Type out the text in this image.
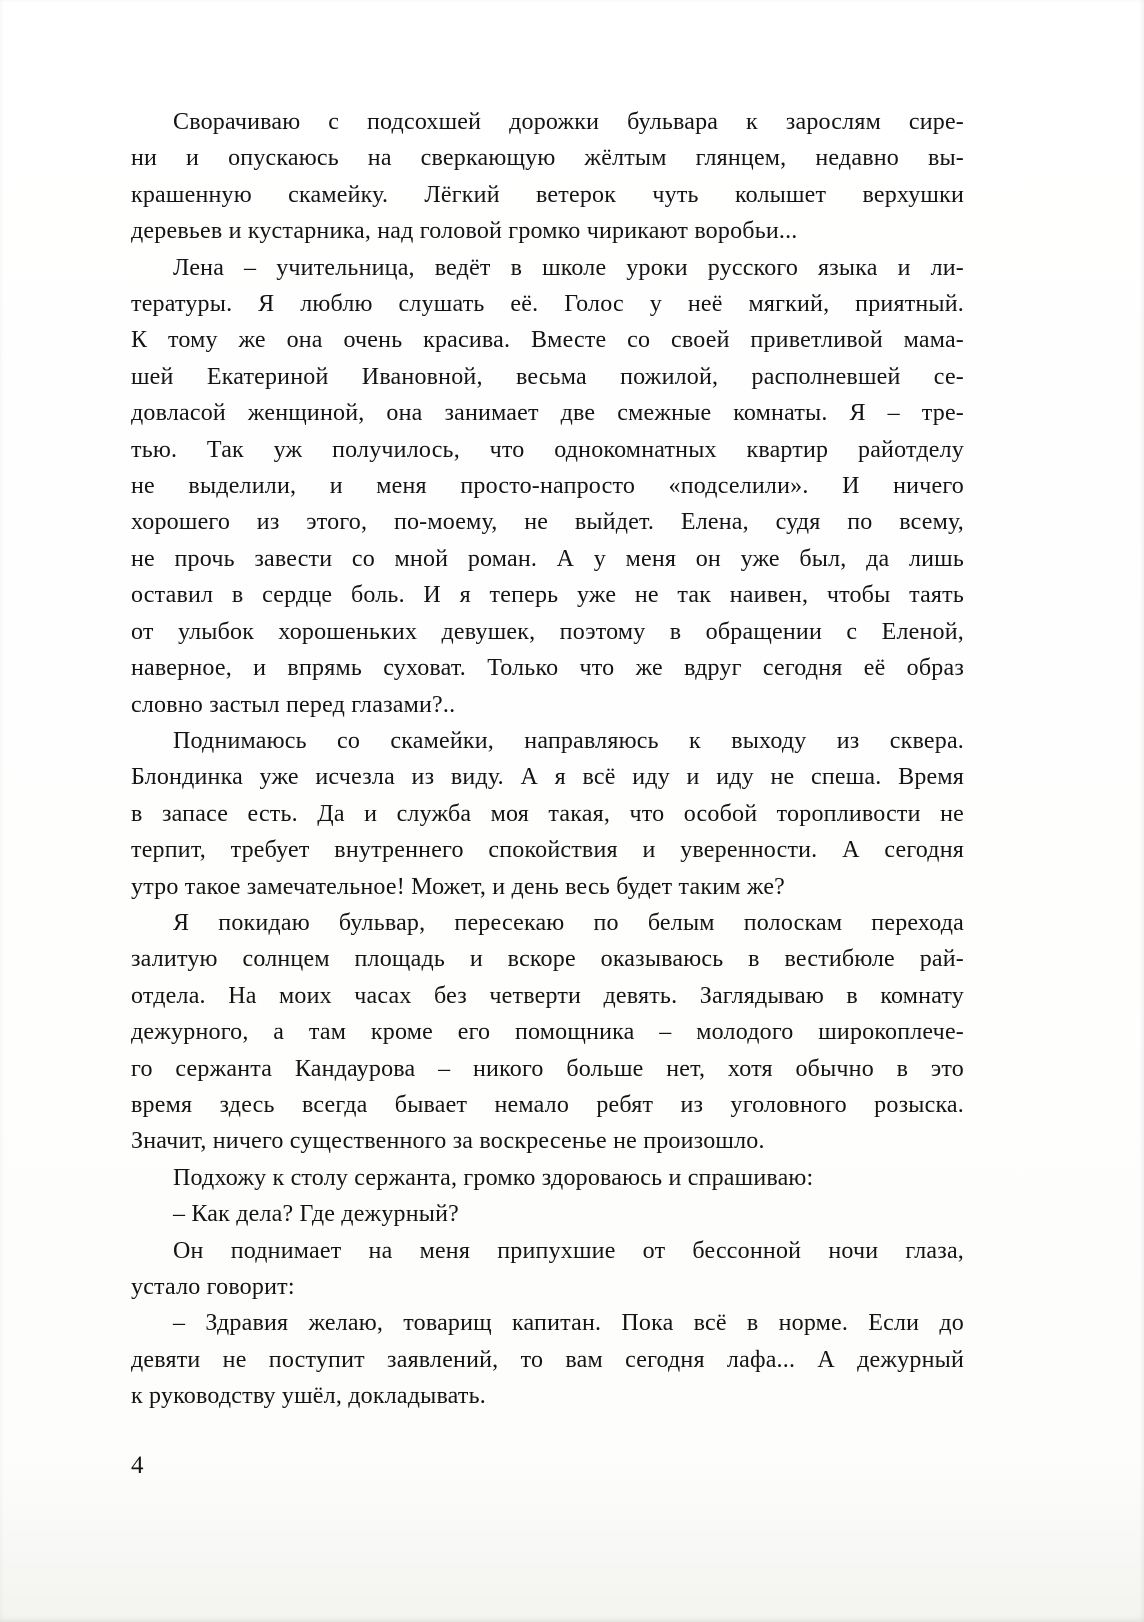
Сворачиваю с подсохшей дорожки бульвара к зарослям сире-
ни и опускаюсь на сверкающую жёлтым глянцем, недавно вы-
крашенную скамейку. Лёгкий ветерок чуть колышет верхушки
деревьев и кустарника, над головой громко чирикают воробьи...
Лена – учительница, ведёт в школе уроки русского языка и ли-
тературы. Я люблю слушать её. Голос у неё мягкий, приятный.
К тому же она очень красива. Вместе со своей приветливой мама-
шей Екатериной Ивановной, весьма пожилой, располневшей се-
довласой женщиной, она занимает две смежные комнаты. Я – тре-
тью. Так уж получилось, что однокомнатных квартир райотделу
не выделили, и меня просто-напросто «подселили». И ничего
хорошего из этого, по-моему, не выйдет. Елена, судя по всему,
не прочь завести со мной роман. А у меня он уже был, да лишь
оставил в сердце боль. И я теперь уже не так наивен, чтобы таять
от улыбок хорошеньких девушек, поэтому в обращении с Еленой,
наверное, и впрямь суховат. Только что же вдруг сегодня её образ
словно застыл перед глазами?..
Поднимаюсь со скамейки, направляюсь к выходу из сквера.
Блондинка уже исчезла из виду. А я всё иду и иду не спеша. Время
в запасе есть. Да и служба моя такая, что особой торопливости не
терпит, требует внутреннего спокойствия и уверенности. А сегодня
утро такое замечательное! Может, и день весь будет таким же?
Я покидаю бульвар, пересекаю по белым полоскам перехода
залитую солнцем площадь и вскоре оказываюсь в вестибюле рай-
отдела. На моих часах без четверти девять. Заглядываю в комнату
дежурного, а там кроме его помощника – молодого широкоплече-
го сержанта Кандаурова – никого больше нет, хотя обычно в это
время здесь всегда бывает немало ребят из уголовного розыска.
Значит, ничего существенного за воскресенье не произошло.
Подхожу к столу сержанта, громко здороваюсь и спрашиваю:
– Как дела? Где дежурный?
Он поднимает на меня припухшие от бессонной ночи глаза,
устало говорит:
– Здравия желаю, товарищ капитан. Пока всё в норме. Если до
девяти не поступит заявлений, то вам сегодня лафа... А дежурный
к руководству ушёл, докладывать.
4
